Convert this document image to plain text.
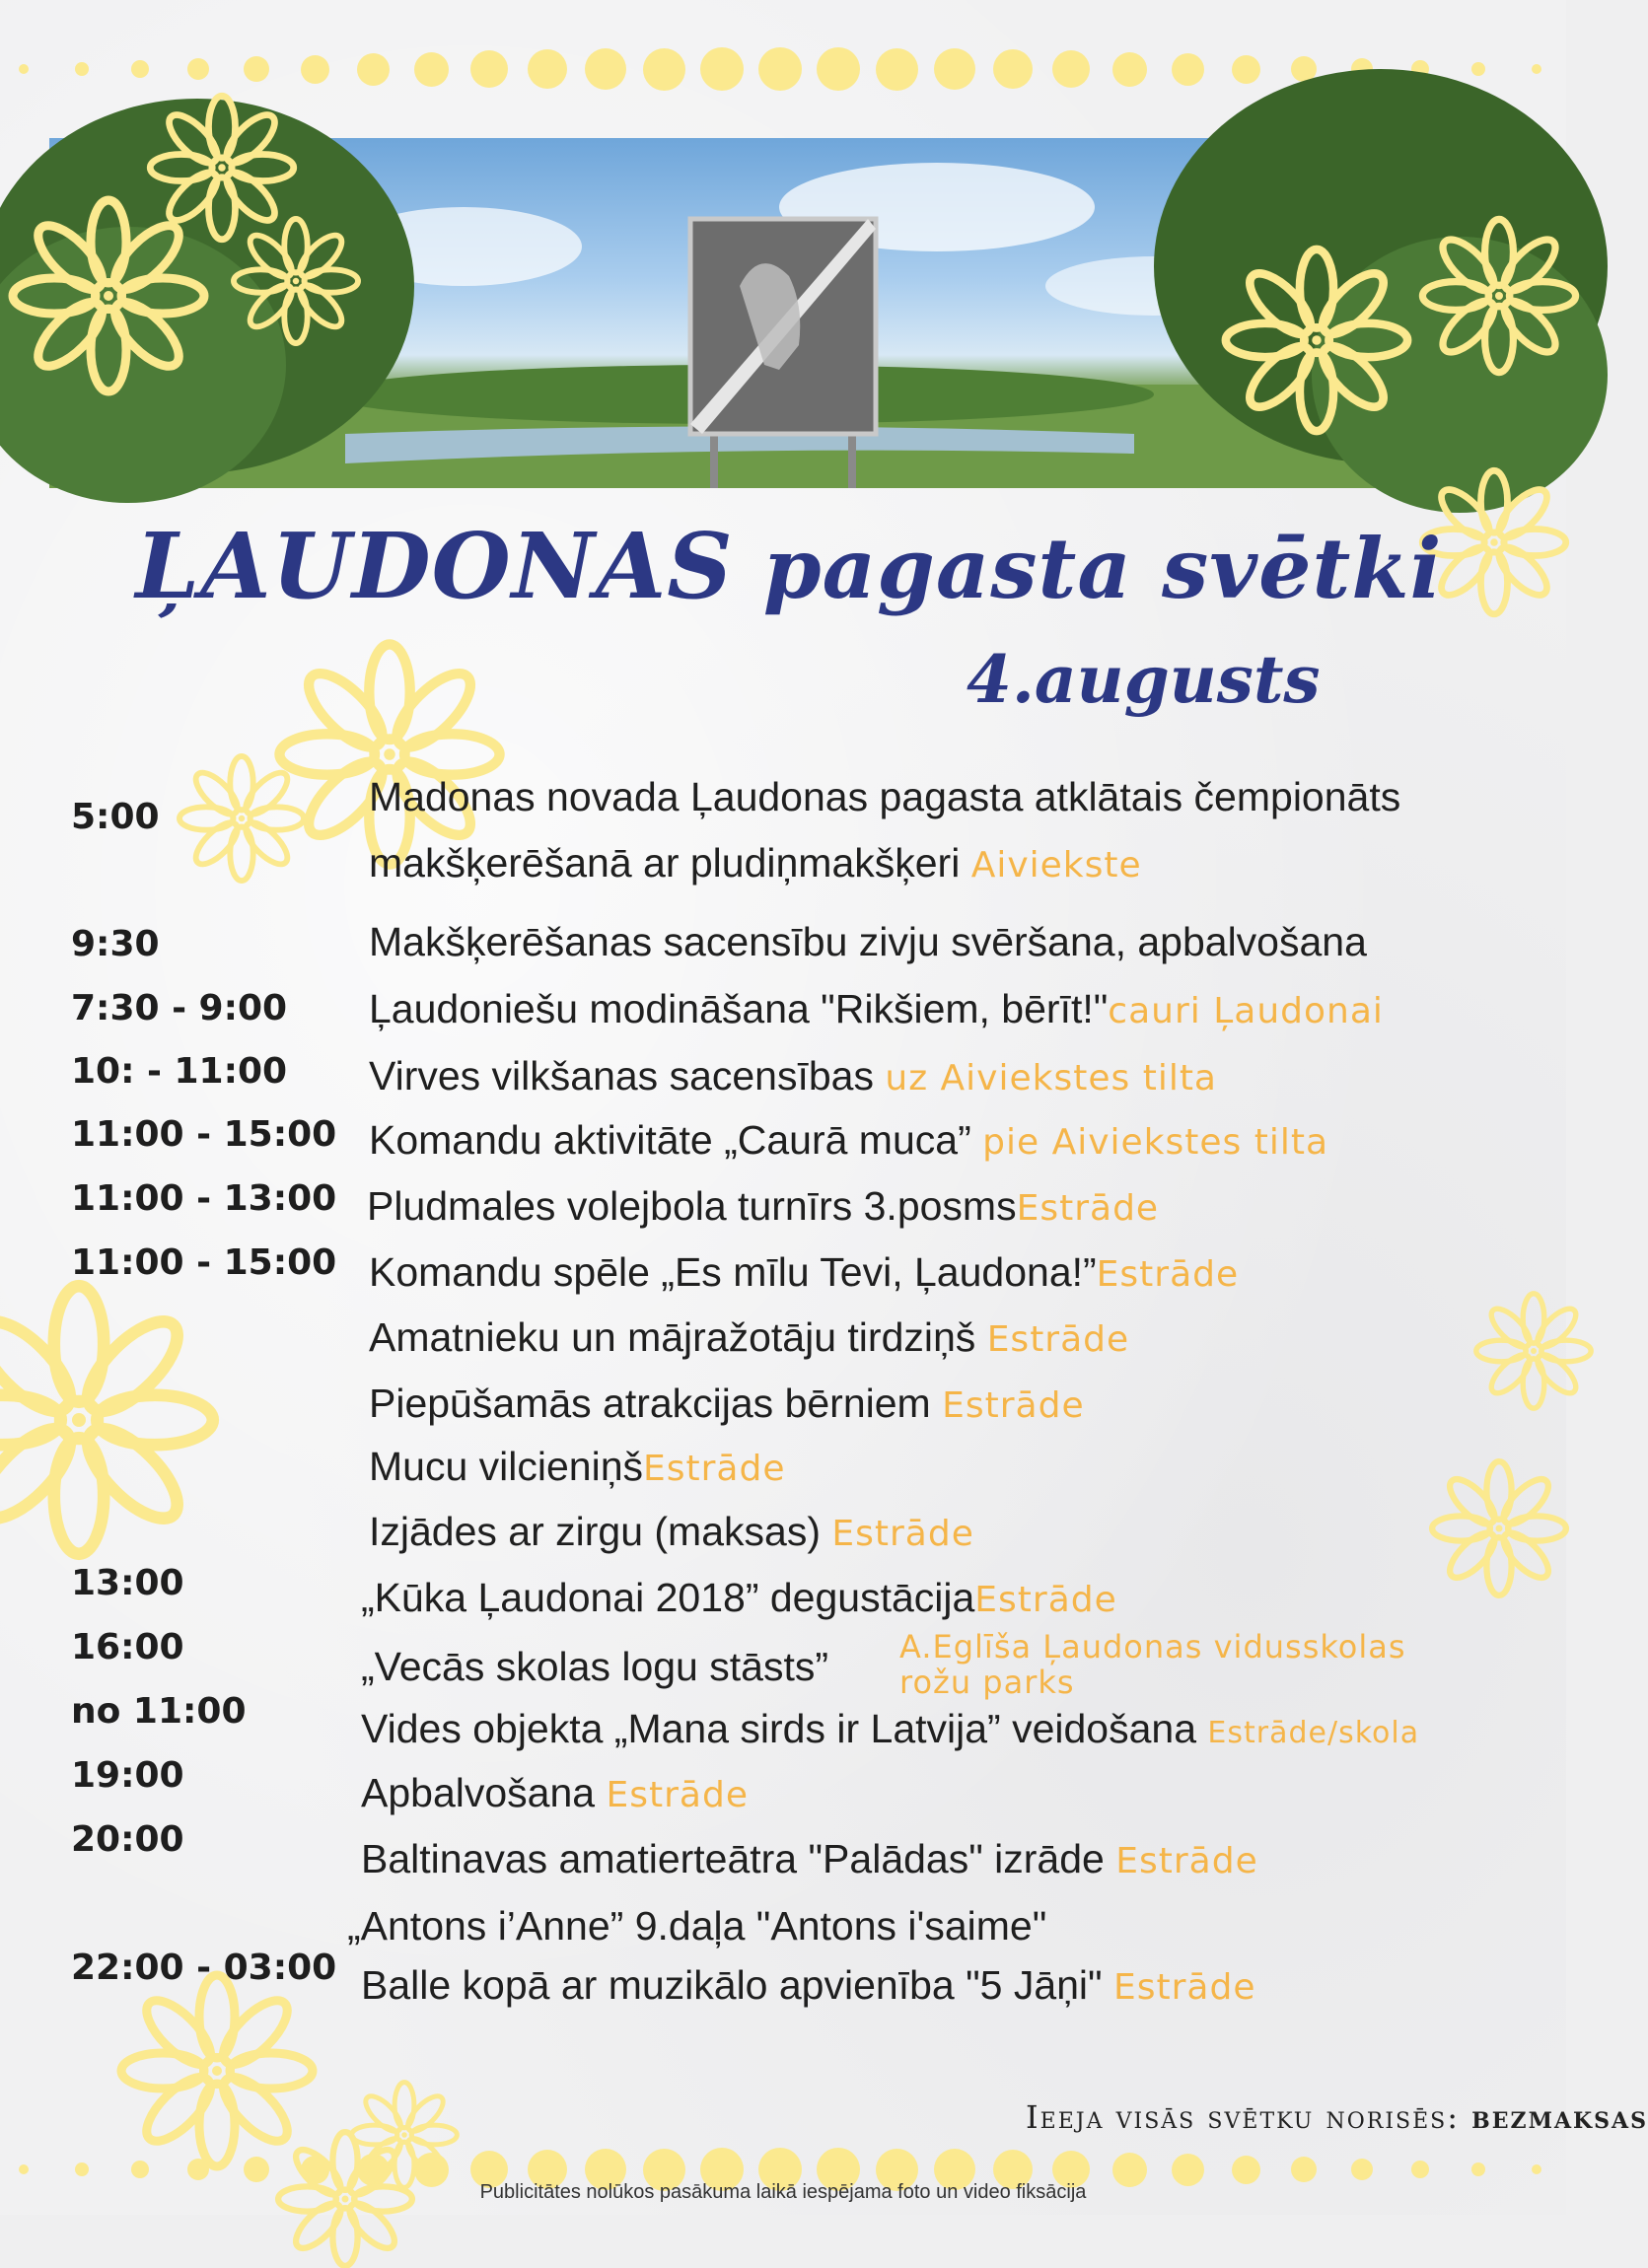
ĻAUDONAS pagasta svētki
4.augusts
5:00	Madonas novada Ļaudonas pagasta atklātais čempionāts
makšķerēšanā ar pludiņmakšķeri Aiviekste
9:30	Makšķerēšanas sacensību zivju svēršana, apbalvošana
7:30 - 9:00 Ļaudoniešu modināšana "Rikšiem, bērīt!"cauri Ļaudonai
10: - 11:00 Virves vilkšanas sacensības uz Aiviekstes tilta
11:00 - 15:00 Komandu aktivitāte „Caurā muca” pie Aiviekstes tilta
11:00 - 13:00 Pludmales volejbola turnīrs 3.posmsEstrāde
11:00 - 15:00 Komandu spēle „Es mīlu Tevi, Ļaudona!”Estrāde
Amatnieku un mājražotāju tirdziņš Estrāde
Piepūšamās atrakcijas bērniem Estrāde
Mucu vilcieniņšEstrāde
Izjādes ar zirgu (maksas) Estrāde
13:00	„Kūka Ļaudonai 2018” degustācijaEstrāde
16:00	„Vecās skolas logu stāsts” A.Eglīša Ļaudonas vidusskolas
rožu parks
no 11:00	Vides objekta „Mana sirds ir Latvija” veidošana Estrāde/skola
19:00	Apbalvošana Estrāde
20:00	Baltinavas amatierteātra "Palādas" izrāde Estrāde
„Antons i’Anne” 9.daļa "Antons i'saime"
22:00 - 03:00 Balle kopā ar muzikālo apvienība "5 Jāņi" Estrāde
Ieeja visās svētku norisēs: bezmaksas
Publicitātes nolūkos pasākuma laikā iespējama foto un video fiksācija
